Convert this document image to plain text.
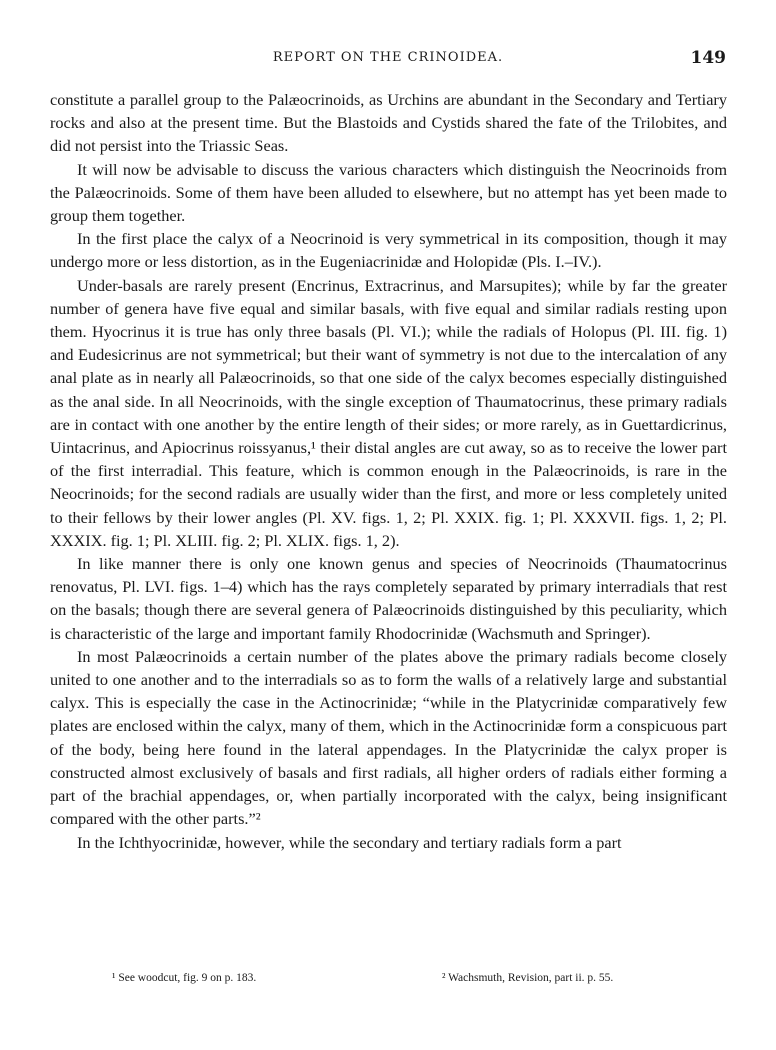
REPORT ON THE CRINOIDEA.	149

constitute a parallel group to the Palæocrinoids, as Urchins are abundant in the Secondary and Tertiary rocks and also at the present time. But the Blastoids and Cystids shared the fate of the Trilobites, and did not persist into the Triassic Seas.

It will now be advisable to discuss the various characters which distinguish the Neocrinoids from the Palæocrinoids. Some of them have been alluded to elsewhere, but no attempt has yet been made to group them together.

In the first place the calyx of a Neocrinoid is very symmetrical in its composition, though it may undergo more or less distortion, as in the Eugeniacrinidæ and Holopidæ (Pls. I.–IV.).

Under-basals are rarely present (Encrinus, Extracrinus, and Marsupites); while by far the greater number of genera have five equal and similar basals, with five equal and similar radials resting upon them. Hyocrinus it is true has only three basals (Pl. VI.); while the radials of Holopus (Pl. III. fig. 1) and Eudesicrinus are not symmetrical; but their want of symmetry is not due to the intercalation of any anal plate as in nearly all Palæocrinoids, so that one side of the calyx becomes especially distinguished as the anal side. In all Neocrinoids, with the single exception of Thaumatocrinus, these primary radials are in contact with one another by the entire length of their sides; or more rarely, as in Guettardicrinus, Uintacrinus, and Apiocrinus roissyanus,¹ their distal angles are cut away, so as to receive the lower part of the first interradial. This feature, which is common enough in the Palæocrinoids, is rare in the Neocrinoids; for the second radials are usually wider than the first, and more or less completely united to their fellows by their lower angles (Pl. XV. figs. 1, 2; Pl. XXIX. fig. 1; Pl. XXXVII. figs. 1, 2; Pl. XXXIX. fig. 1; Pl. XLIII. fig. 2; Pl. XLIX. figs. 1, 2).

In like manner there is only one known genus and species of Neocrinoids (Thaumatocrinus renovatus, Pl. LVI. figs. 1–4) which has the rays completely separated by primary interradials that rest on the basals; though there are several genera of Palæocrinoids distinguished by this peculiarity, which is characteristic of the large and important family Rhodocrinidæ (Wachsmuth and Springer).

In most Palæocrinoids a certain number of the plates above the primary radials become closely united to one another and to the interradials so as to form the walls of a relatively large and substantial calyx. This is especially the case in the Actinocrinidæ; “while in the Platycrinidæ comparatively few plates are enclosed within the calyx, many of them, which in the Actinocrinidæ form a conspicuous part of the body, being here found in the lateral appendages. In the Platycrinidæ the calyx proper is constructed almost exclusively of basals and first radials, all higher orders of radials either forming a part of the brachial appendages, or, when partially incorporated with the calyx, being insignificant compared with the other parts.”²

In the Ichthyocrinidæ, however, while the secondary and tertiary radials form a part

¹ See woodcut, fig. 9 on p. 183.	² Wachsmuth, Revision, part ii. p. 55.
